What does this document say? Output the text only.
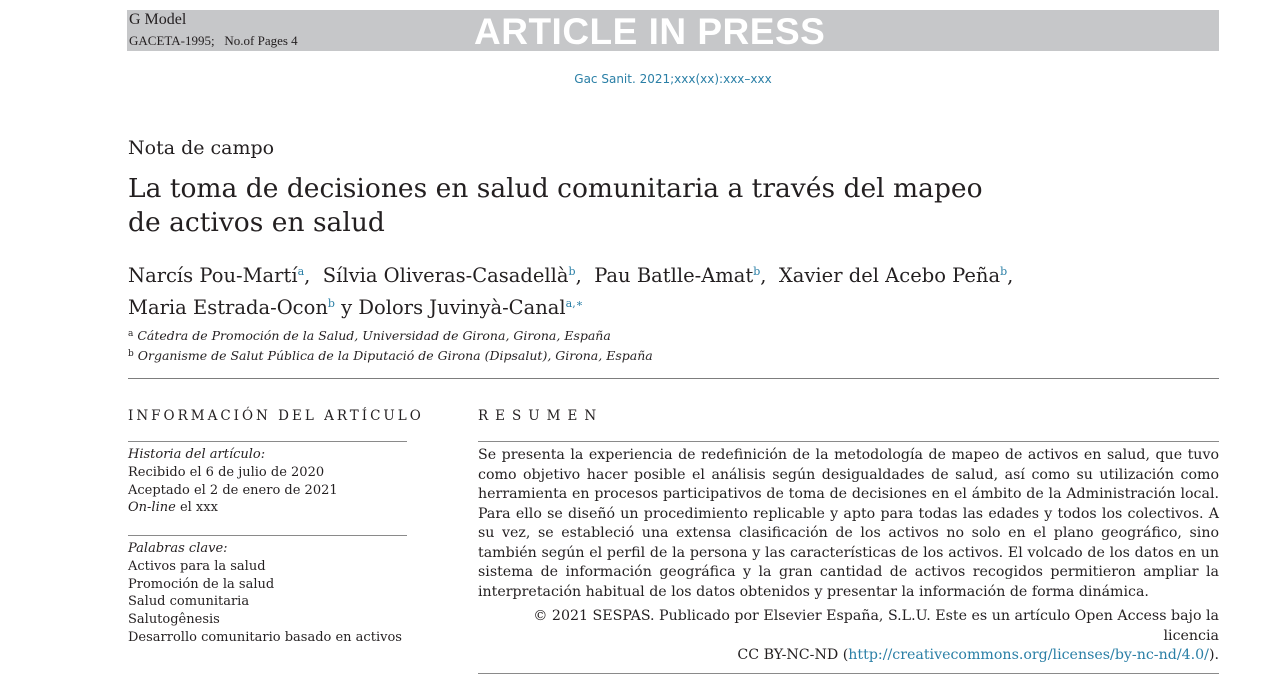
G Model
GACETA-1995;   No.of Pages 4	ARTICLE IN PRESS
Gac Sanit. 2021;xxx(xx):xxx–xxx
Nota de campo
La toma de decisiones en salud comunitaria a través del mapeo
de activos en salud
Narcís Pou-Martí$^a$,  Sílvia Oliveras-Casadellà$^b$,  Pau Batlle-Amat$^b$,  Xavier del Acebo Peña$^b$,
Maria Estrada-Ocon$^b$ y Dolors Juvinyà-Canal$^{a,∗}$
$^a$ Cátedra de Promoción de la Salud, Universidad de Girona, Girona, España
$^b$ Organisme de Salut Pública de la Diputació de Girona (Dipsalut), Girona, España
INFORMACIÓN DEL ARTÍCULO
Historia del artículo:
Recibido el 6 de julio de 2020
Aceptado el 2 de enero de 2021
On-line el xxx
Palabras clave:
Activos para la salud
Promoción de la salud
Salud comunitaria
Salutogênesis
Desarrollo comunitario basado en activos
RESUMEN
Se presenta la experiencia de redefinición de la metodología de mapeo de activos en salud, que tuvo como objetivo hacer posible el análisis según desigualdades de salud, así como su utilización como herramienta en procesos participativos de toma de decisiones en el ámbito de la Administración local. Para ello se diseñó un procedimiento replicable y apto para todas las edades y todos los colectivos. A su vez, se estableció una extensa clasificación de los activos no solo en el plano geográfico, sino también según el perfil de la persona y las características de los activos. El volcado de los datos en un sistema de información geográfica y la gran cantidad de activos recogidos permitieron ampliar la interpretación habitual de los datos obtenidos y presentar la información de forma dinámica.
© 2021 SESPAS. Publicado por Elsevier España, S.L.U. Este es un artículo Open Access bajo la licencia
CC BY-NC-ND (http://creativecommons.org/licenses/by-nc-nd/4.0/).
